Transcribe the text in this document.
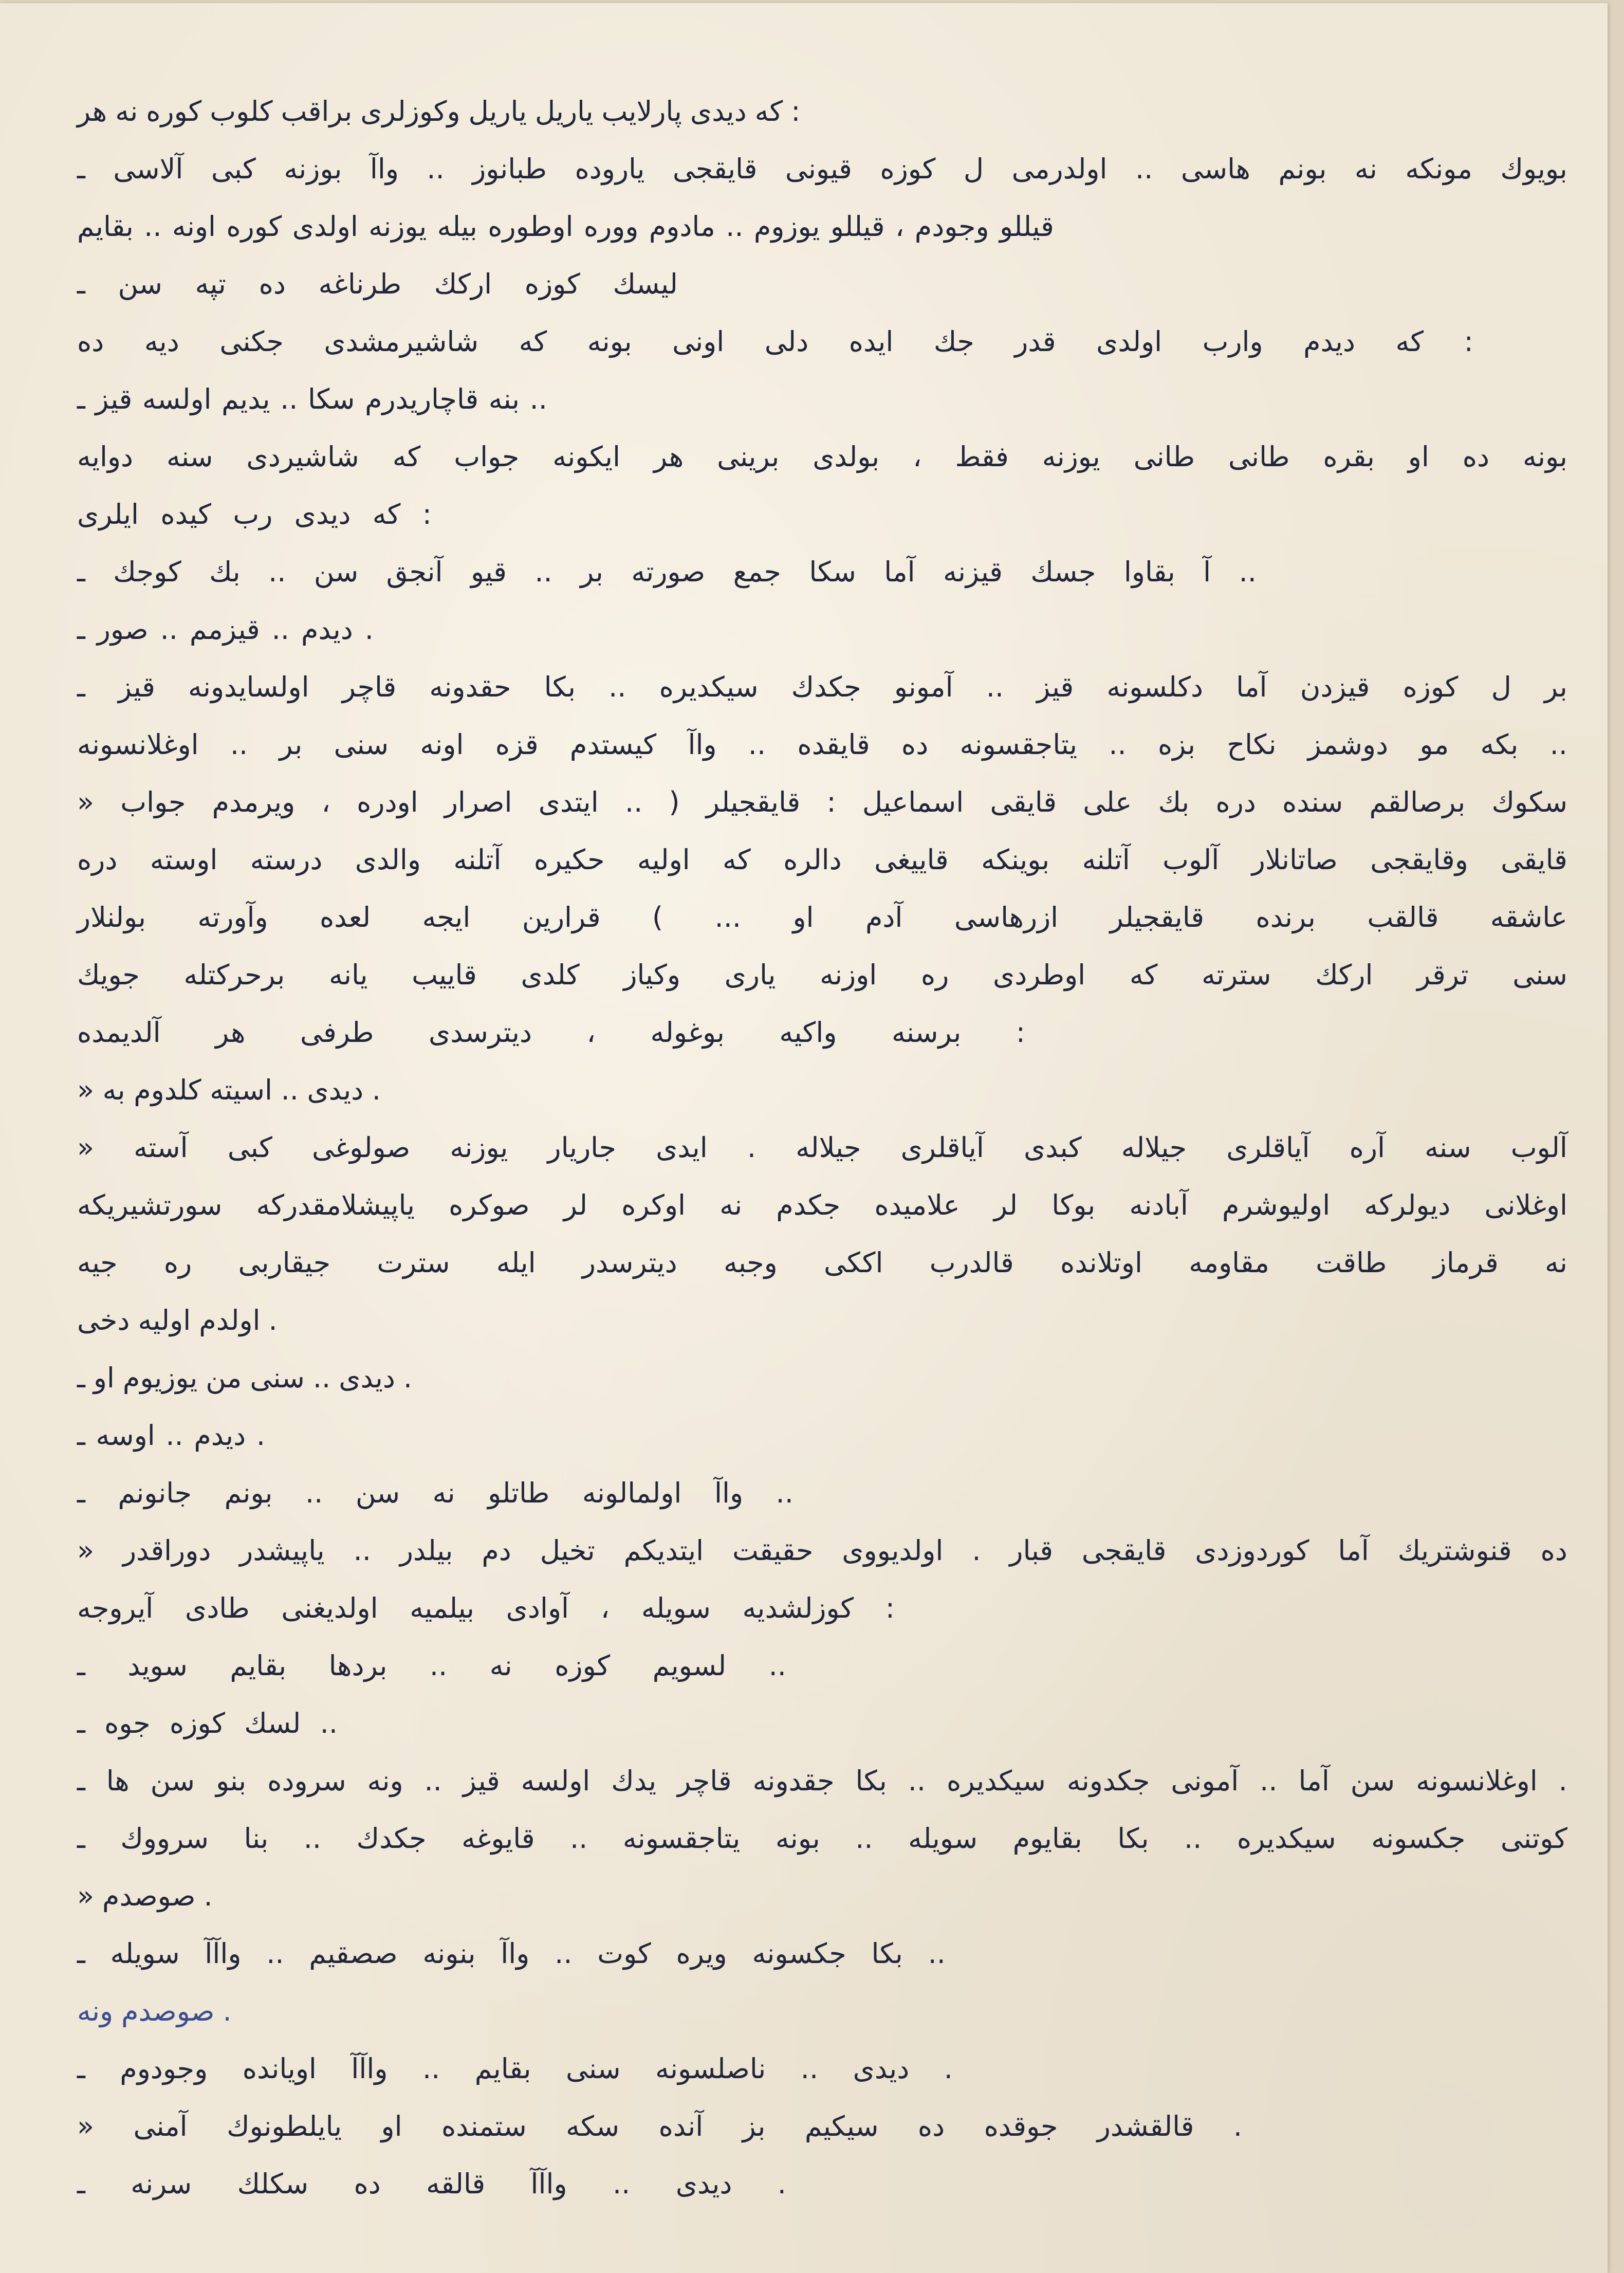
هر نه کوره کلوب براقب وکوزلری یاریل یاریل پارلایب دیدی که :
ـ آلاسی کبی بوزنه واآ .. طبانوز یاروده قایقجی قیونی کوزه ل اولدرمی .. هاسی بونم نه مونکه بویوك
بقایم .. اونه کوره اولدی یوزنه بیله اوطوره ووره مادوم .. یوزوم قیللو ، وجودم قیللو
ـ سن تپه ده طرناغه ارکك کوزه لیسك
ده دیه جکنی شاشیرمشدی که بونه اونی دلی ایده جك قدر اولدی وارب دیدم که :
ـ قیز اولسه یدیم .. سکا قاچاریدرم بنه ..
دوایه سنه شاشیردی که جواب ایکونه هر برینی بولدی ، فقط یوزنه طانی طانی بقره او ده بونه
ایلری کیده رب دیدی که :
ـ کوجك بك .. سن آنجق قیو .. بر صورته جمع سکا آما قیزنه جسك بقاوا آ ..
ـ صور .. قیزمم .. دیدم .
ـ قیز اولسایدونه قاچر حقدونه بکا .. سیکدیره جکدك آمونو .. قیز دکلسونه آما قیزدن کوزه ل بر
اوغلانسونه .. بر سنی اونه قزه کیستدم واآ .. قایقده ده یتاجقسونه .. بزه نکاح دوشمز مو بکه ..
« جواب ویرمدم ، اودره اصرار ایتدی .. ( قایقجیلر : اسماعیل قایقی علی بك دره سنده برصالقم سکوك
دره اوسته درسته والدی آتلنه حکیره اولیه که دالره قاییغی بوینکه آتلنه آلوب صاتانلار وقایقجی قایقی
بولنلار وآورته لعده ایجه قرارین ) ... او آدم ازرهاسی قایقجیلر برنده قالقب عاشقه
جویك برحرکتله یانه قاییب کلدی وکیاز یاری اوزنه ره اوطردی که سترته ارکك ترقر سنی
آلدیمده هر طرفی دیترسدی ، بوغوله واکیه برسنه :
« به کلدوم اسیته .. دیدی .
« آسته کبی صولوغی یوزنه جاریار ایدی . جیلاله آیاقلری کبدی جیلاله آیاقلری آره سنه آلوب
سورتشیریکه یاپیشلامقدرکه صوکره لر اوکره نه جکدم علامیده لر بوکا آبادنه اولیوشرم دیولرکه اوغلانی
جیه ره جیقاربی سترت ایله دیترسدر وجبه اککی قالدرب اوتلانده مقاومه طاقت قرماز نه
دخی اولیه اولدم .
ـ او یوزیوم من سنی .. دیدی .
ـ اوسه .. دیدم .
ـ جانونم بونم .. سن نه طاتلو اولمالونه واآ ..
« دوراقدر یاپیشدر .. بیلدر دم تخیل ایتدیکم حقیقت اولدیووی . قبار قایقجی کوردوزدی آما قنوشتریك ده
آیروجه طادی اولدیغنی بیلمیه آوادی ، سویله کوزلشدیه :
ـ سوید بقایم بردها .. نه کوزه لسویم ..
ـ جوه کوزه لسك ..
ـ ها سن بنو سروده ونه .. قیز اولسه یدك قاچر جقدونه بکا .. سیکدیره جکدونه آمونی .. آما سن اوغلانسونه .
ـ سرووك بنا .. جکدك قایوغه .. یتاجقسونه بونه .. سویله بقایوم بکا .. سیکدیره جکسونه کوتنی
« صوصدم .
ـ سویله واآآ .. صصقیم بنونه واآ .. کوت ویره جکسونه بکا ..
ونه صوصدم .
ـ وجودوم اویانده واآآ .. بقایم سنی ناصلسونه .. دیدی .
« آمنی یایلطونوك او ستمنده سکه آنده بز سیکیم ده جوقده قالقشدر .
ـ سرنه سکلك ده قالقه واآآ .. دیدی .
